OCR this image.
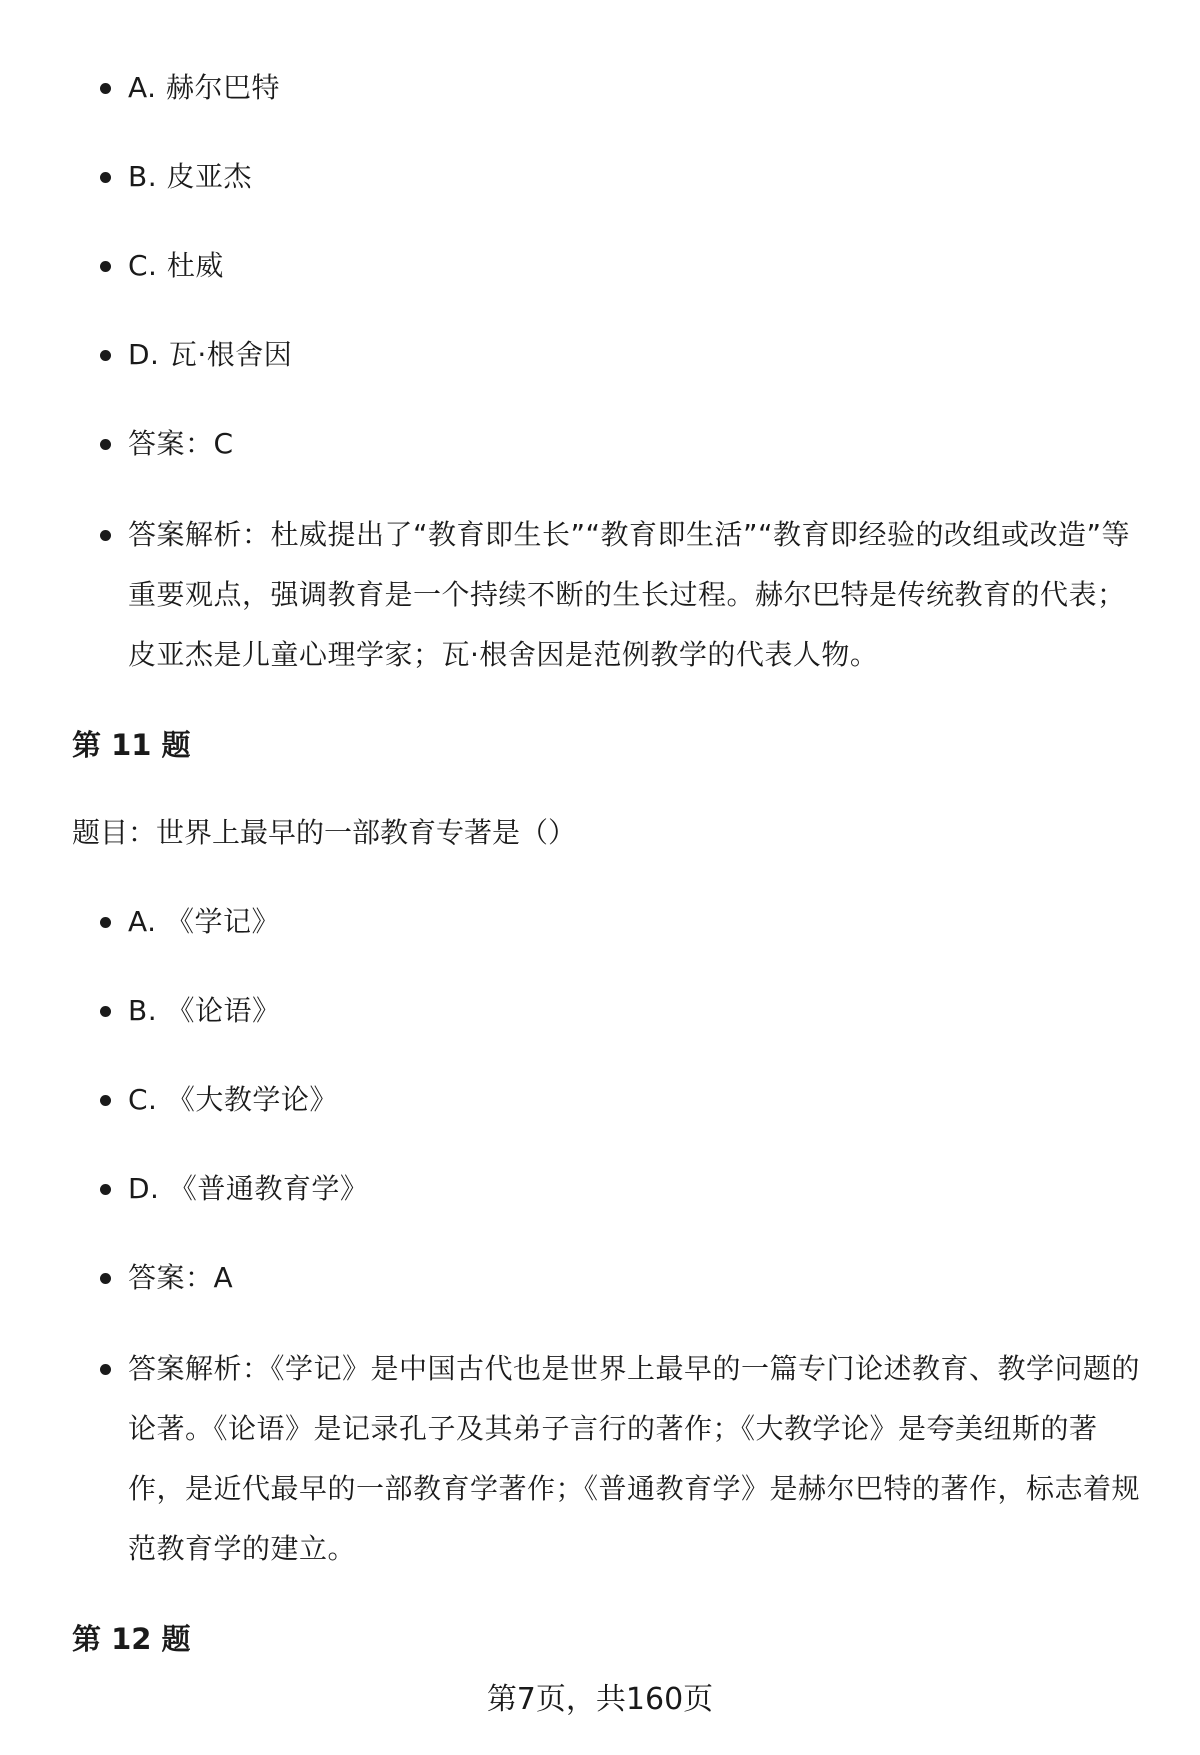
A. 赫尔巴特
B. 皮亚杰
C. 杜威
D. 瓦·根舍因
答案：C
答案解析：杜威提出了“教育即生长”“教育即生活”“教育即经验的改组或改造”等重要观点，强调教育是一个持续不断的生长过程。赫尔巴特是传统教育的代表；皮亚杰是儿童心理学家；瓦·根舍因是范例教学的代表人物。
第 11 题
题目：世界上最早的一部教育专著是（）
A. 《学记》
B. 《论语》
C. 《大教学论》
D. 《普通教育学》
答案：A
答案解析：《学记》是中国古代也是世界上最早的一篇专门论述教育、教学问题的论著。《论语》是记录孔子及其弟子言行的著作；《大教学论》是夸美纽斯的著作，是近代最早的一部教育学著作；《普通教育学》是赫尔巴特的著作，标志着规范教育学的建立。
第 12 题
第7页，共160页
